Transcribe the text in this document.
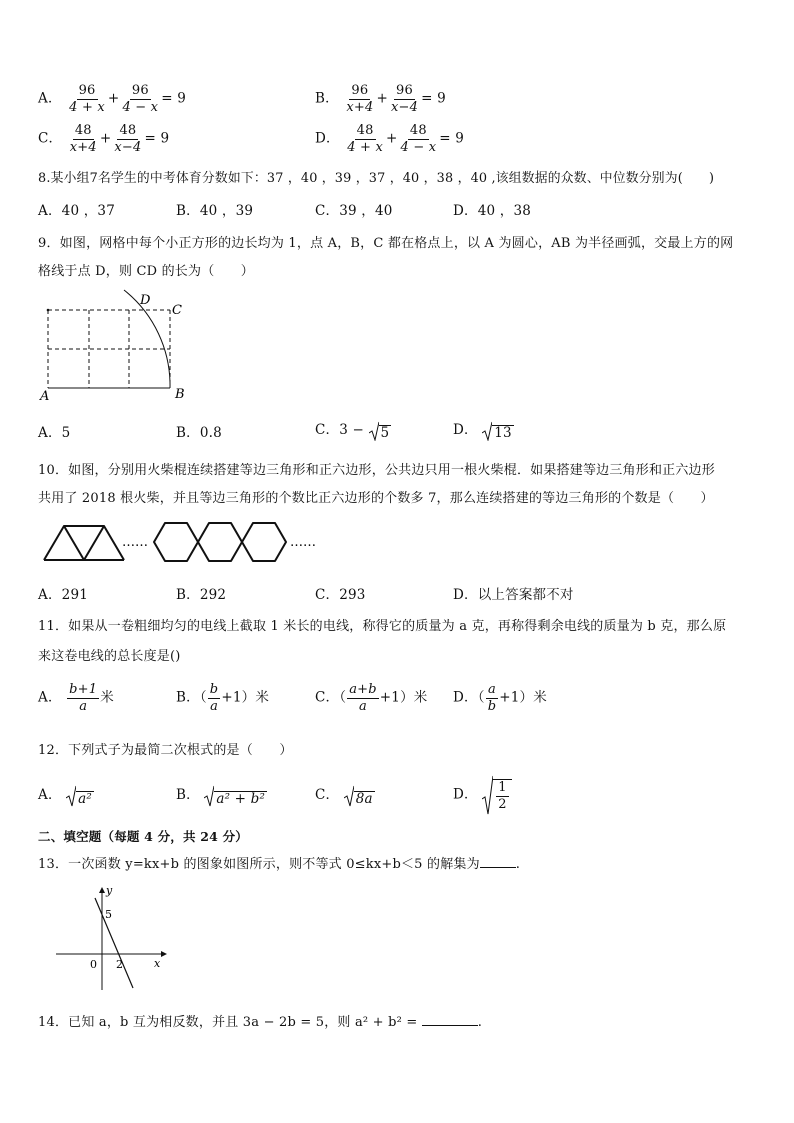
A． $\frac{96}{4 + x} + \frac{96}{4 - x} = 9$	B． $\frac{96}{x+4} + \frac{96}{x-4} = 9$
C． $\frac{48}{x+4} + \frac{48}{x-4} = 9$	D． $\frac{48}{4 + x} + \frac{48}{4 - x} = 9$
8.某小组7名学生的中考体育分数如下：37 ，40 ，39 ，37 ，40 ，38 ，40 ,该组数据的众数、中位数分别为(　　)
A．40 ，37	B．40 ，39	C．39 ，40	D．40 ，38
9．如图，网格中每个小正方形的边长均为 1，点 A，B，C 都在格点上，以 A 为圆心，AB 为半径画弧，交最上方的网
格线于点 D，则 CD 的长为（　　）
D
C
A	B
A．5	B．0.8	C．3 − 5	D． 13
10．如图，分别用火柴棍连续搭建等边三角形和正六边形，公共边只用一根火柴棍．如果搭建等边三角形和正六边形
共用了 2018 根火柴，并且等边三角形的个数比正六边形的个数多 7，那么连续搭建的等边三角形的个数是（　　）
……	……
A．291	B．292	C．293	D．以上答案都不对
11．如果从一卷粗细均匀的电线上截取 1 米长的电线，称得它的质量为 a 克，再称得剩余电线的质量为 b 克，那么原
来这卷电线的总长度是()
A． $\frac{b+1}{a}$ 米	B．（ $\frac{b}{a} +1$）米	C．（ $\frac{a+b}{a} +1$）米 D．（ $\frac{a}{b} +1$）米
12．下列式子为最简二次根式的是（　　）
A． a²	B． a² + b²	C． 8a	D． $\frac{1}{2}$
二、填空题（每题 4 分，共 24 分）
13．一次函数 y=kx+b 的图象如图所示，则不等式 0≤kx+b＜5 的解集为	.
y
x
5
0 2
14．已知 a，b 互为相反数，并且 3a − 2b = 5，则 a² + b² =	.
